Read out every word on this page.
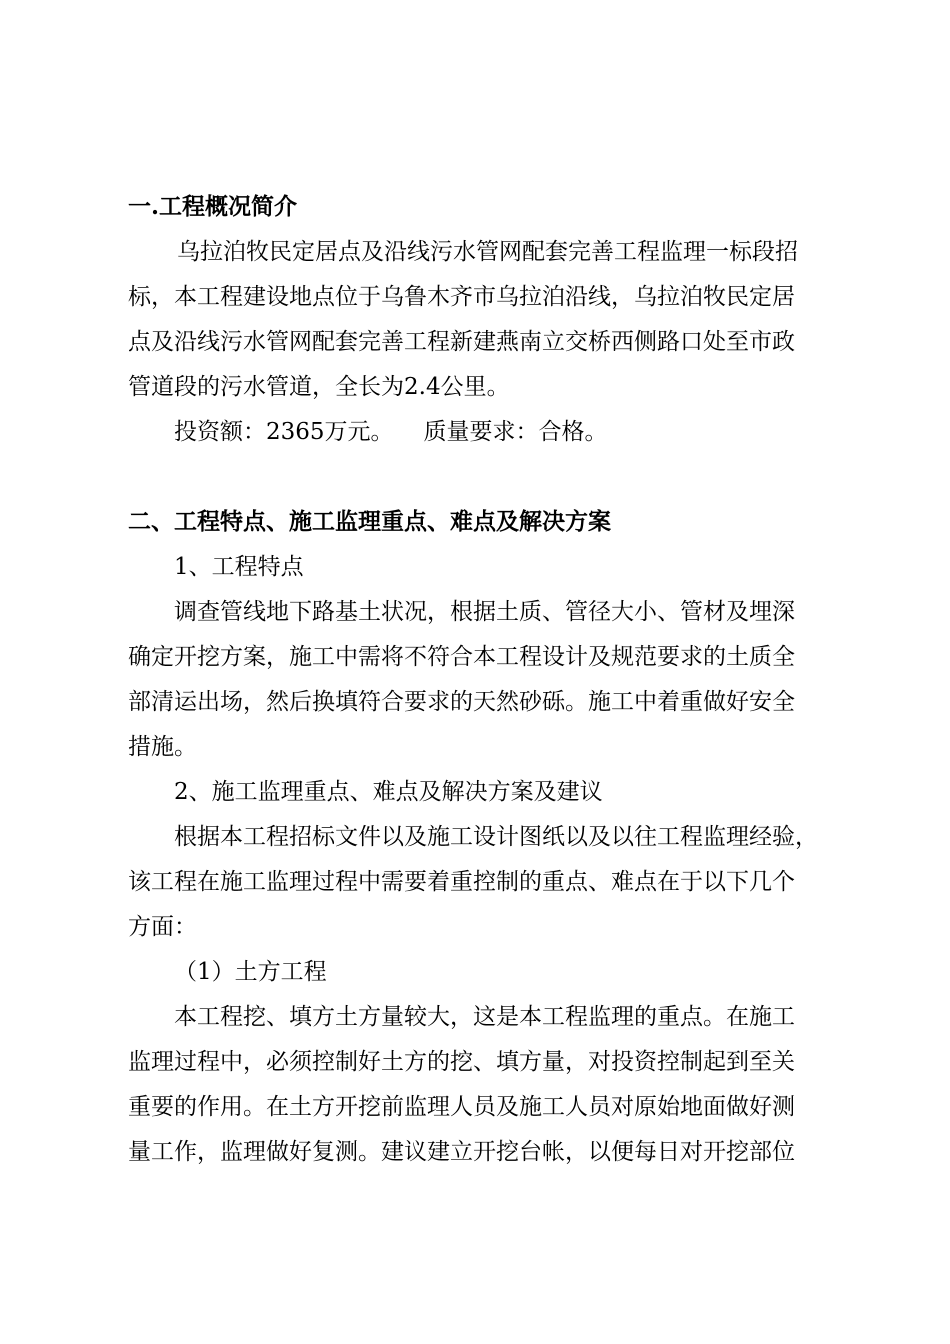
一.工程概况简介
乌拉泊牧民定居点及沿线污水管网配套完善工程监理一标段招
标，本工程建设地点位于乌鲁木齐市乌拉泊沿线，乌拉泊牧民定居
点及沿线污水管网配套完善工程新建燕南立交桥西侧路口处至市政
管道段的污水管道，全长为2.4公里。
投资额：2365万元。 质量要求：合格。
二、工程特点、施工监理重点、难点及解决方案
1、工程特点
调查管线地下路基土状况，根据土质、管径大小、管材及埋深
确定开挖方案，施工中需将不符合本工程设计及规范要求的土质全
部清运出场，然后换填符合要求的天然砂砾。施工中着重做好安全
措施。
2、施工监理重点、难点及解决方案及建议
根据本工程招标文件以及施工设计图纸以及以往工程监理经验，
该工程在施工监理过程中需要着重控制的重点、难点在于以下几个
方面：
（1）土方工程
本工程挖、填方土方量较大，这是本工程监理的重点。在施工
监理过程中，必须控制好土方的挖、填方量，对投资控制起到至关
重要的作用。在土方开挖前监理人员及施工人员对原始地面做好测
量工作，监理做好复测。建议建立开挖台帐，以便每日对开挖部位
